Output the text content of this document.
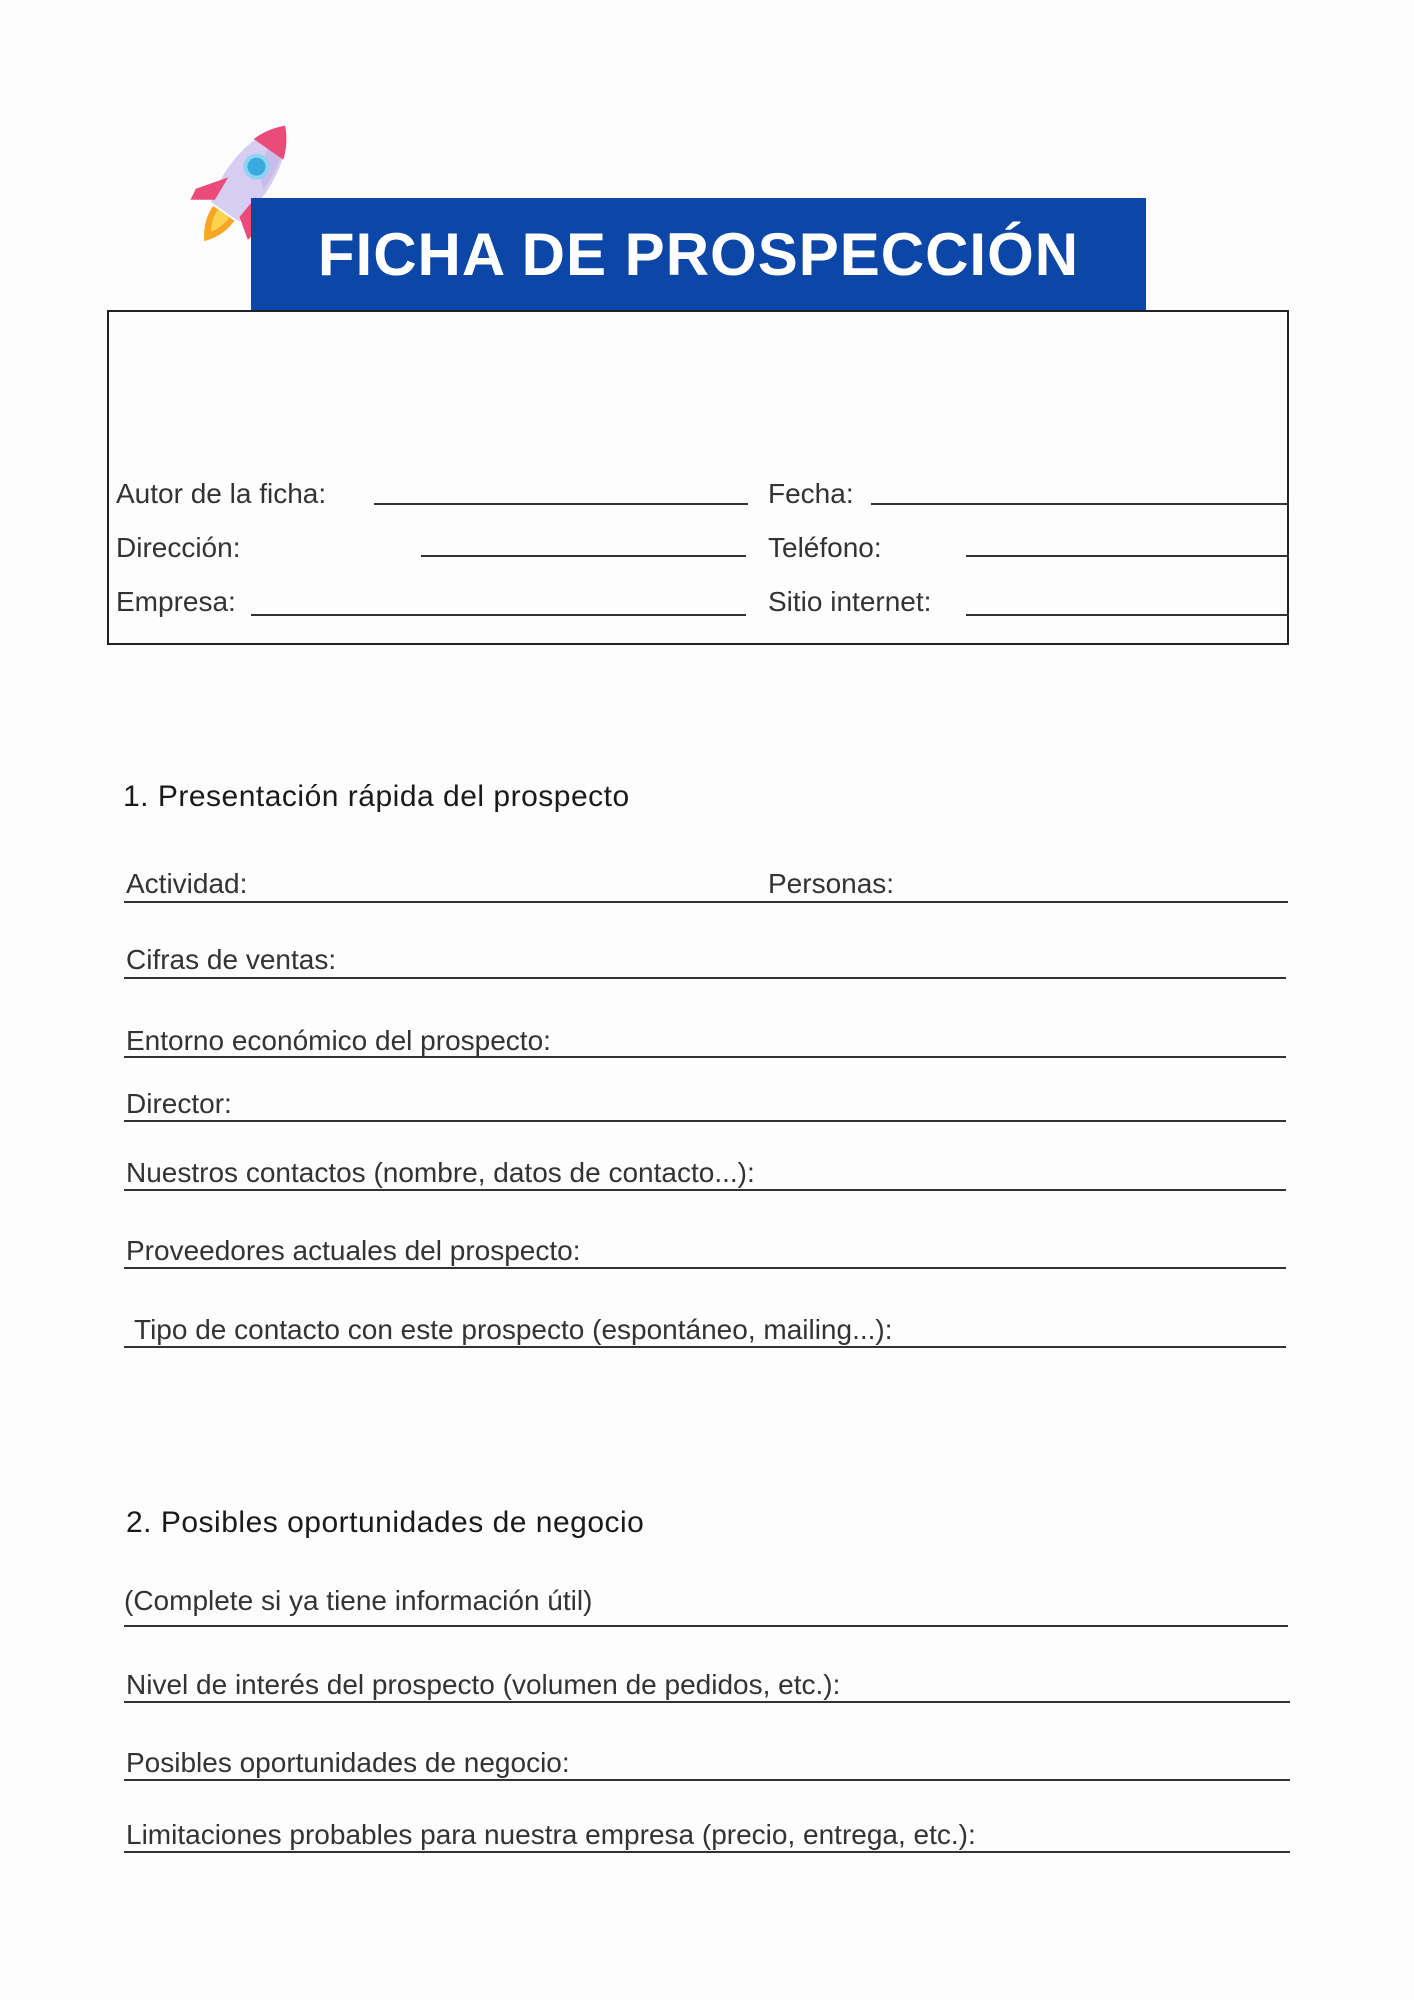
FICHA DE PROSPECCIÓN
Autor de la ficha:	Fecha:
Dirección:	Teléfono:
Empresa:	Sitio internet:
1. Presentación rápida del prospecto
Actividad:	Personas:
Cifras de ventas:
Entorno económico del prospecto:
Director:
Nuestros contactos (nombre, datos de contacto...):
Proveedores actuales del prospecto:
Tipo de contacto con este prospecto (espontáneo, mailing...):
2. Posibles oportunidades de negocio
(Complete si ya tiene información útil)
Nivel de interés del prospecto (volumen de pedidos, etc.):
Posibles oportunidades de negocio:
Limitaciones probables para nuestra empresa (precio, entrega, etc.):
